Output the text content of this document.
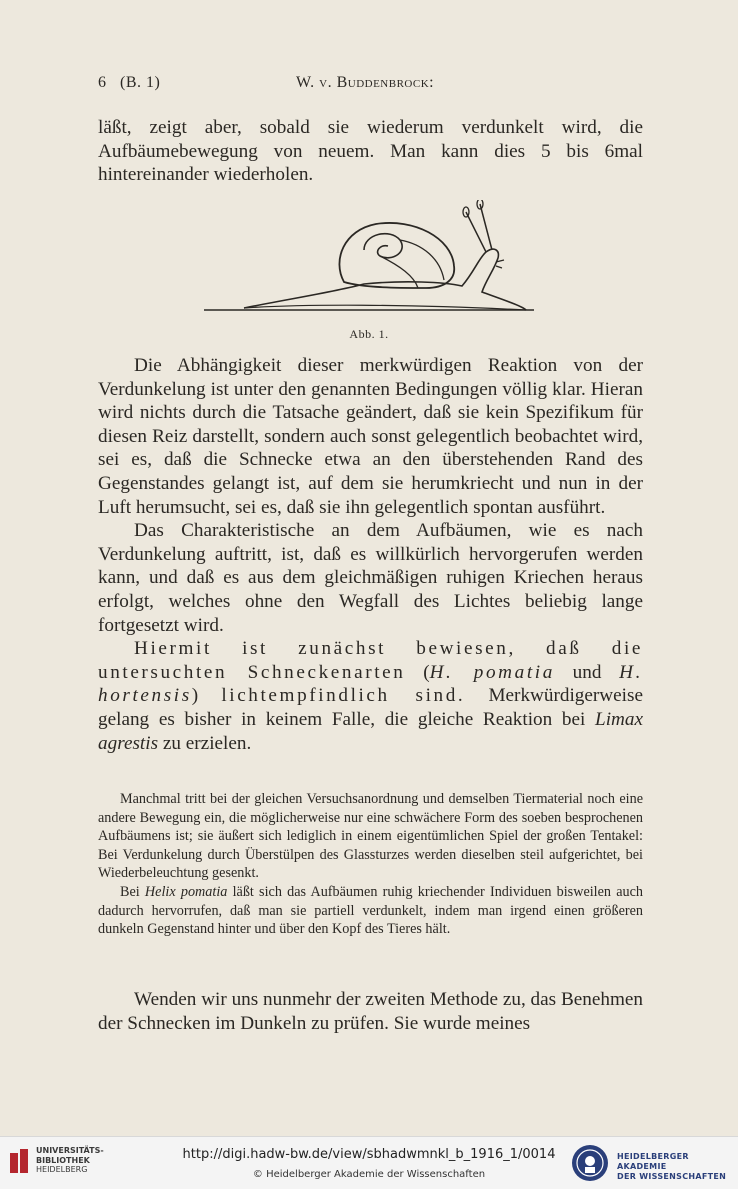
6 (B. 1)	W. v. Buddenbrock:

läßt, zeigt aber, sobald sie wiederum verdunkelt wird, die Aufbäumebewegung von neuem. Man kann dies 5 bis 6mal hintereinander wiederholen.

Abb. 1.

Die Abhängigkeit dieser merkwürdigen Reaktion von der Verdunkelung ist unter den genannten Bedingungen völlig klar. Hieran wird nichts durch die Tatsache geändert, daß sie kein Spezifikum für diesen Reiz darstellt, sondern auch sonst gelegentlich beobachtet wird, sei es, daß die Schnecke etwa an den überstehenden Rand des Gegenstandes gelangt ist, auf dem sie herumkriecht und nun in der Luft herumsucht, sei es, daß sie ihn gelegentlich spontan ausführt.

Das Charakteristische an dem Aufbäumen, wie es nach Verdunkelung auftritt, ist, daß es willkürlich hervorgerufen werden kann, und daß es aus dem gleichmäßigen ruhigen Kriechen heraus erfolgt, welches ohne den Wegfall des Lichtes beliebig lange fortgesetzt wird.

Hiermit ist zunächst bewiesen, daß die untersuchten Schneckenarten (H. pomatia und H. hortensis) lichtempfindlich sind. Merkwürdigerweise gelang es bisher in keinem Falle, die gleiche Reaktion bei Limax agrestis zu erzielen.

Manchmal tritt bei der gleichen Versuchsanordnung und demselben Tiermaterial noch eine andere Bewegung ein, die möglicherweise nur eine schwächere Form des soeben besprochenen Aufbäumens ist; sie äußert sich lediglich in einem eigentümlichen Spiel der großen Tentakel: Bei Verdunkelung durch Überstülpen des Glassturzes werden dieselben steil aufgerichtet, bei Wiederbeleuchtung gesenkt.

Bei Helix pomatia läßt sich das Aufbäumen ruhig kriechender Individuen bisweilen auch dadurch hervorrufen, daß man sie partiell verdunkelt, indem man irgend einen größeren dunkeln Gegenstand hinter und über den Kopf des Tieres hält.

Wenden wir uns nunmehr der zweiten Methode zu, das Benehmen der Schnecken im Dunkeln zu prüfen. Sie wurde meines

UNIVERSITÄTS-
BIBLIOTHEK
HEIDELBERG
http://digi.hadw-bw.de/view/sbhadwmnkl_b_1916_1/0014
© Heidelberger Akademie der Wissenschaften
HEIDELBERGER AKADEMIE
DER WISSENSCHAFTEN
